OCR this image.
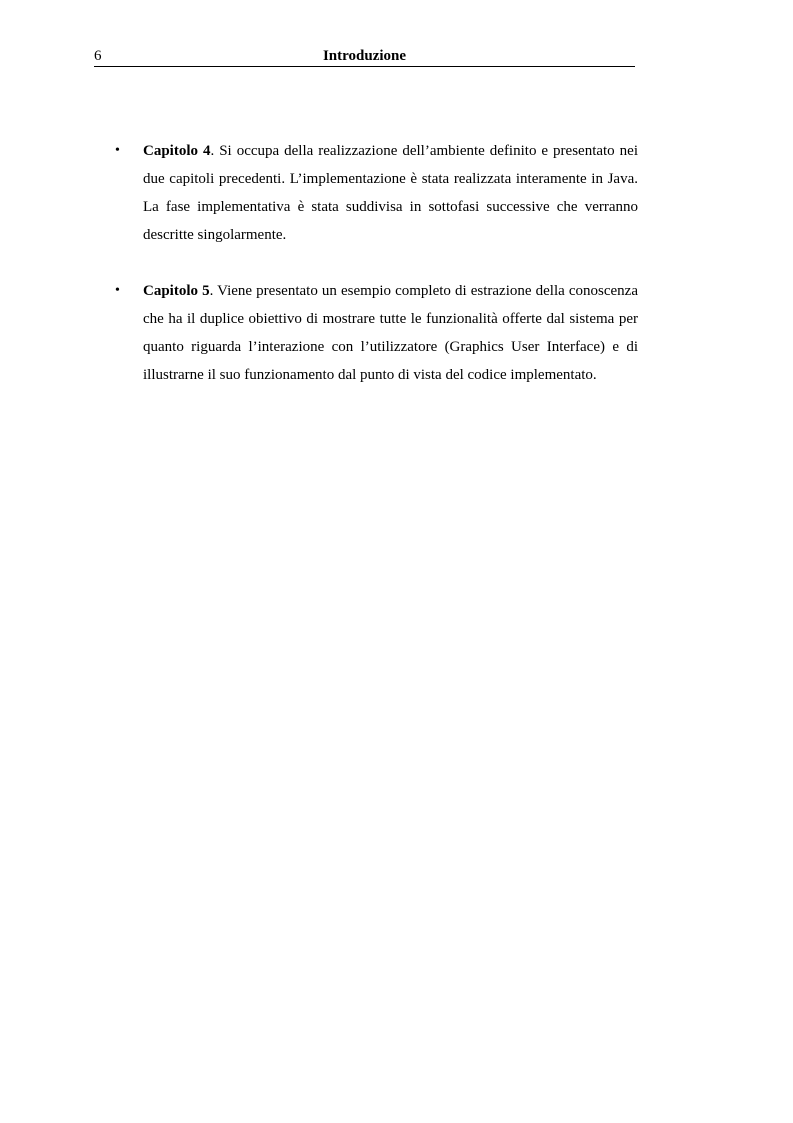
6	Introduzione
•	Capitolo 4. Si occupa della realizzazione dell’ambiente definito e presentato nei due capitoli precedenti. L’implementazione è stata realizzata interamente in Java. La fase implementativa è stata suddivisa in sottofasi successive che verranno descritte singolarmente.
•	Capitolo 5. Viene presentato un esempio completo di estrazione della conoscenza che ha il duplice obiettivo di mostrare tutte le funzionalità offerte dal sistema per quanto riguarda l’interazione con l’utilizzatore (Graphics User Interface) e di illustrarne il suo funzionamento dal punto di vista del codice implementato.
